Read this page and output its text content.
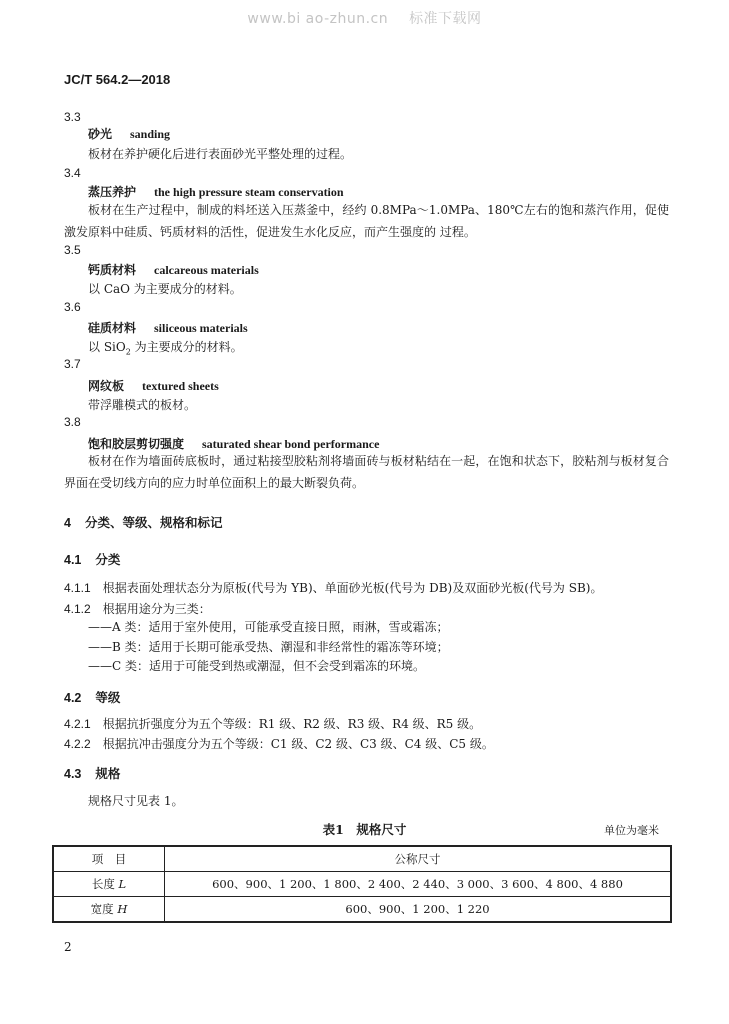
www.bi ao-zhun.cn 标准下载网
JC/T 564.2—2018
3.3
砂光 sanding
板材在养护硬化后进行表面砂光平整处理的过程。
3.4
蒸压养护 the high pressure steam conservation
板材在生产过程中，制成的料坯送入压蒸釜中，经约 0.8MPa～1.0MPa、180℃左右的饱和蒸汽作用，促使激发原料中硅质、钙质材料的活性，促进发生水化反应，而产生强度的 过程。
3.5
钙质材料 calcareous materials
以 CaO 为主要成分的材料。
3.6
硅质材料 siliceous materials
以 SiO$_2$ 为主要成分的材料。
3.7
网纹板 textured sheets
带浮雕模式的板材。
3.8
饱和胶层剪切强度 saturated shear bond performance
板材在作为墙面砖底板时，通过粘接型胶粘剂将墙面砖与板材粘结在一起，在饱和状态下，胶粘剂与板材复合界面在受切线方向的应力时单位面积上的最大断裂负荷。
4 分类、等级、规格和标记
4.1 分类
4.1.1 根据表面处理状态分为原板(代号为 YB)、单面砂光板(代号为 DB)及双面砂光板(代号为 SB)。
4.1.2 根据用途分为三类：
——A 类：适用于室外使用，可能承受直接日照，雨淋，雪或霜冻；
——B 类：适用于长期可能承受热、潮湿和非经常性的霜冻等环境；
——C 类：适用于可能受到热或潮湿，但不会受到霜冻的环境。
4.2 等级
4.2.1 根据抗折强度分为五个等级：R1 级、R2 级、R3 级、R4 级、R5 级。
4.2.2 根据抗冲击强度分为五个等级：C1 级、C2 级、C3 级、C4 级、C5 级。
4.3 规格
规格尺寸见表 1。
表1　规格尺寸	单位为毫米
项　目	公称尺寸
长度 L	600、900、1 200、1 800、2 400、2 440、3 000、3 600、4 800、4 880
宽度 H	600、900、1 200、1 220
2
